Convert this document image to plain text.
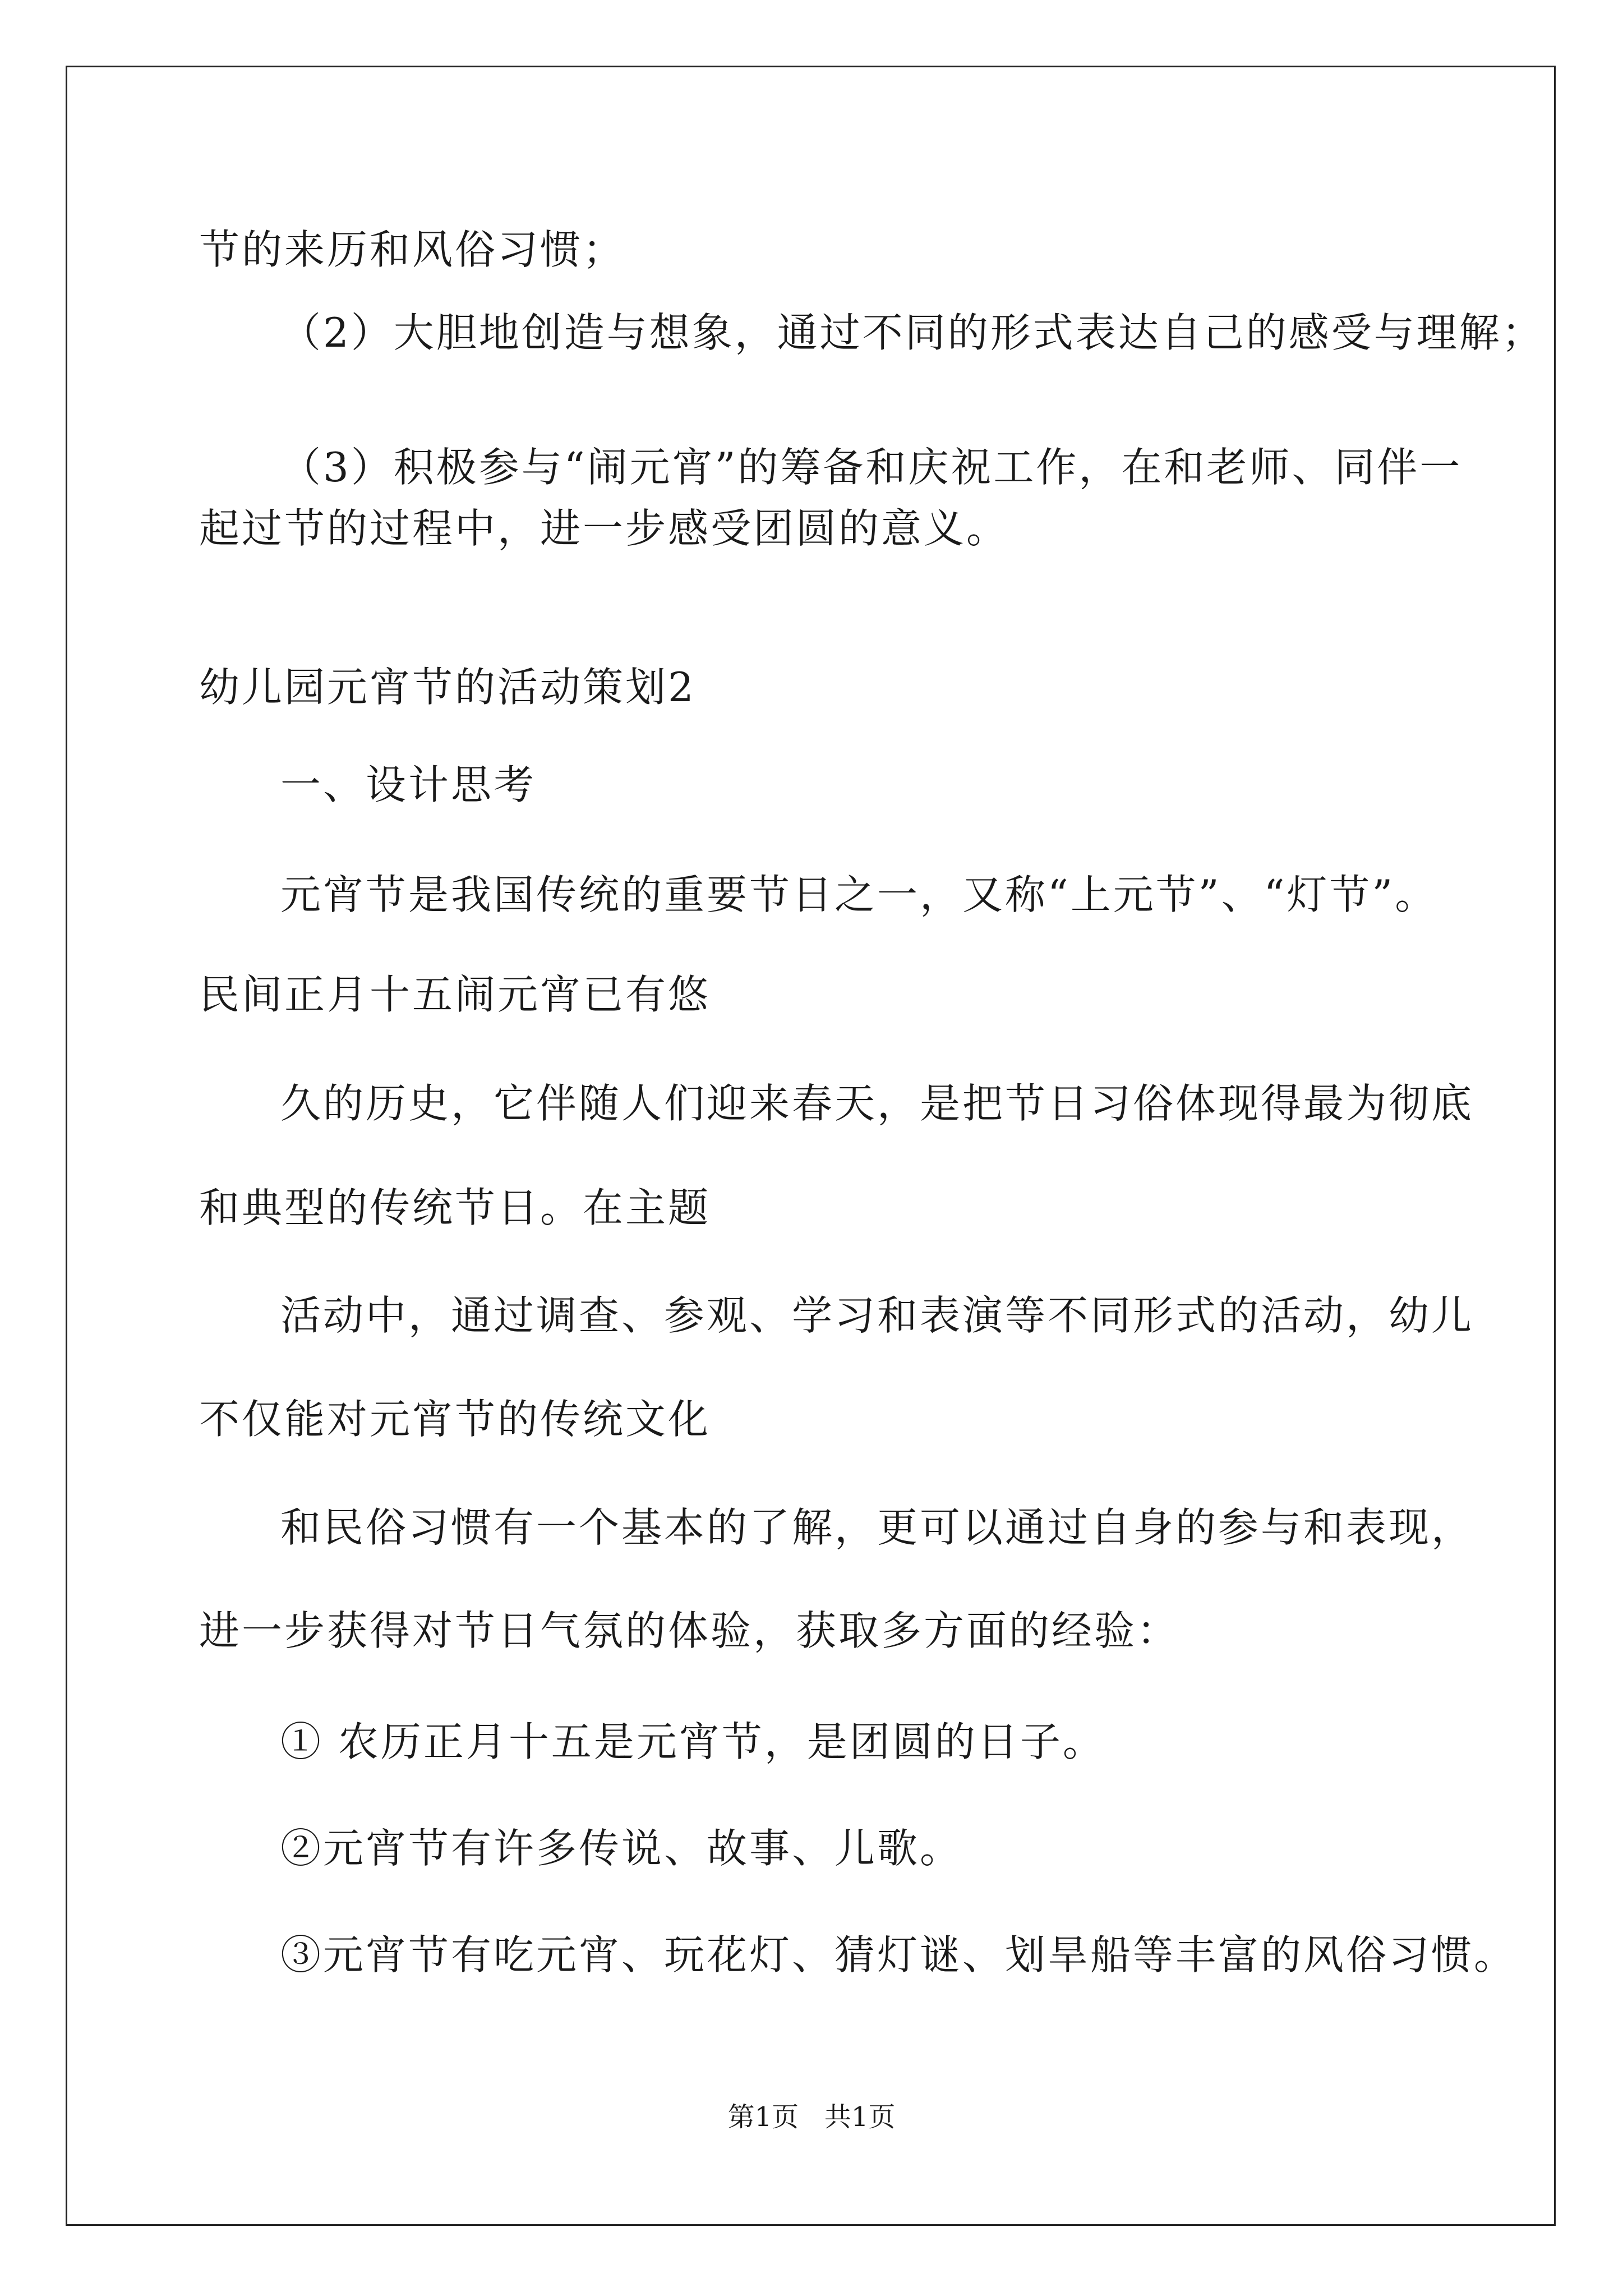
节的来历和风俗习惯；
（2）大胆地创造与想象，通过不同的形式表达自己的感受与理解；
（3）积极参与“闹元宵”的筹备和庆祝工作，在和老师、同伴一
起过节的过程中，进一步感受团圆的意义。
幼儿园元宵节的活动策划2
一、设计思考
元宵节是我国传统的重要节日之一，又称“上元节”、“灯节”。
民间正月十五闹元宵已有悠
久的历史，它伴随人们迎来春天，是把节日习俗体现得最为彻底
和典型的传统节日。在主题
活动中，通过调查、参观、学习和表演等不同形式的活动，幼儿
不仅能对元宵节的传统文化
和民俗习惯有一个基本的了解，更可以通过自身的参与和表现，
进一步获得对节日气氛的体验，获取多方面的经验：
① 农历正月十五是元宵节，是团圆的日子。
②元宵节有许多传说、故事、儿歌。
③元宵节有吃元宵、玩花灯、猜灯谜、划旱船等丰富的风俗习惯。
第1页   共1页
